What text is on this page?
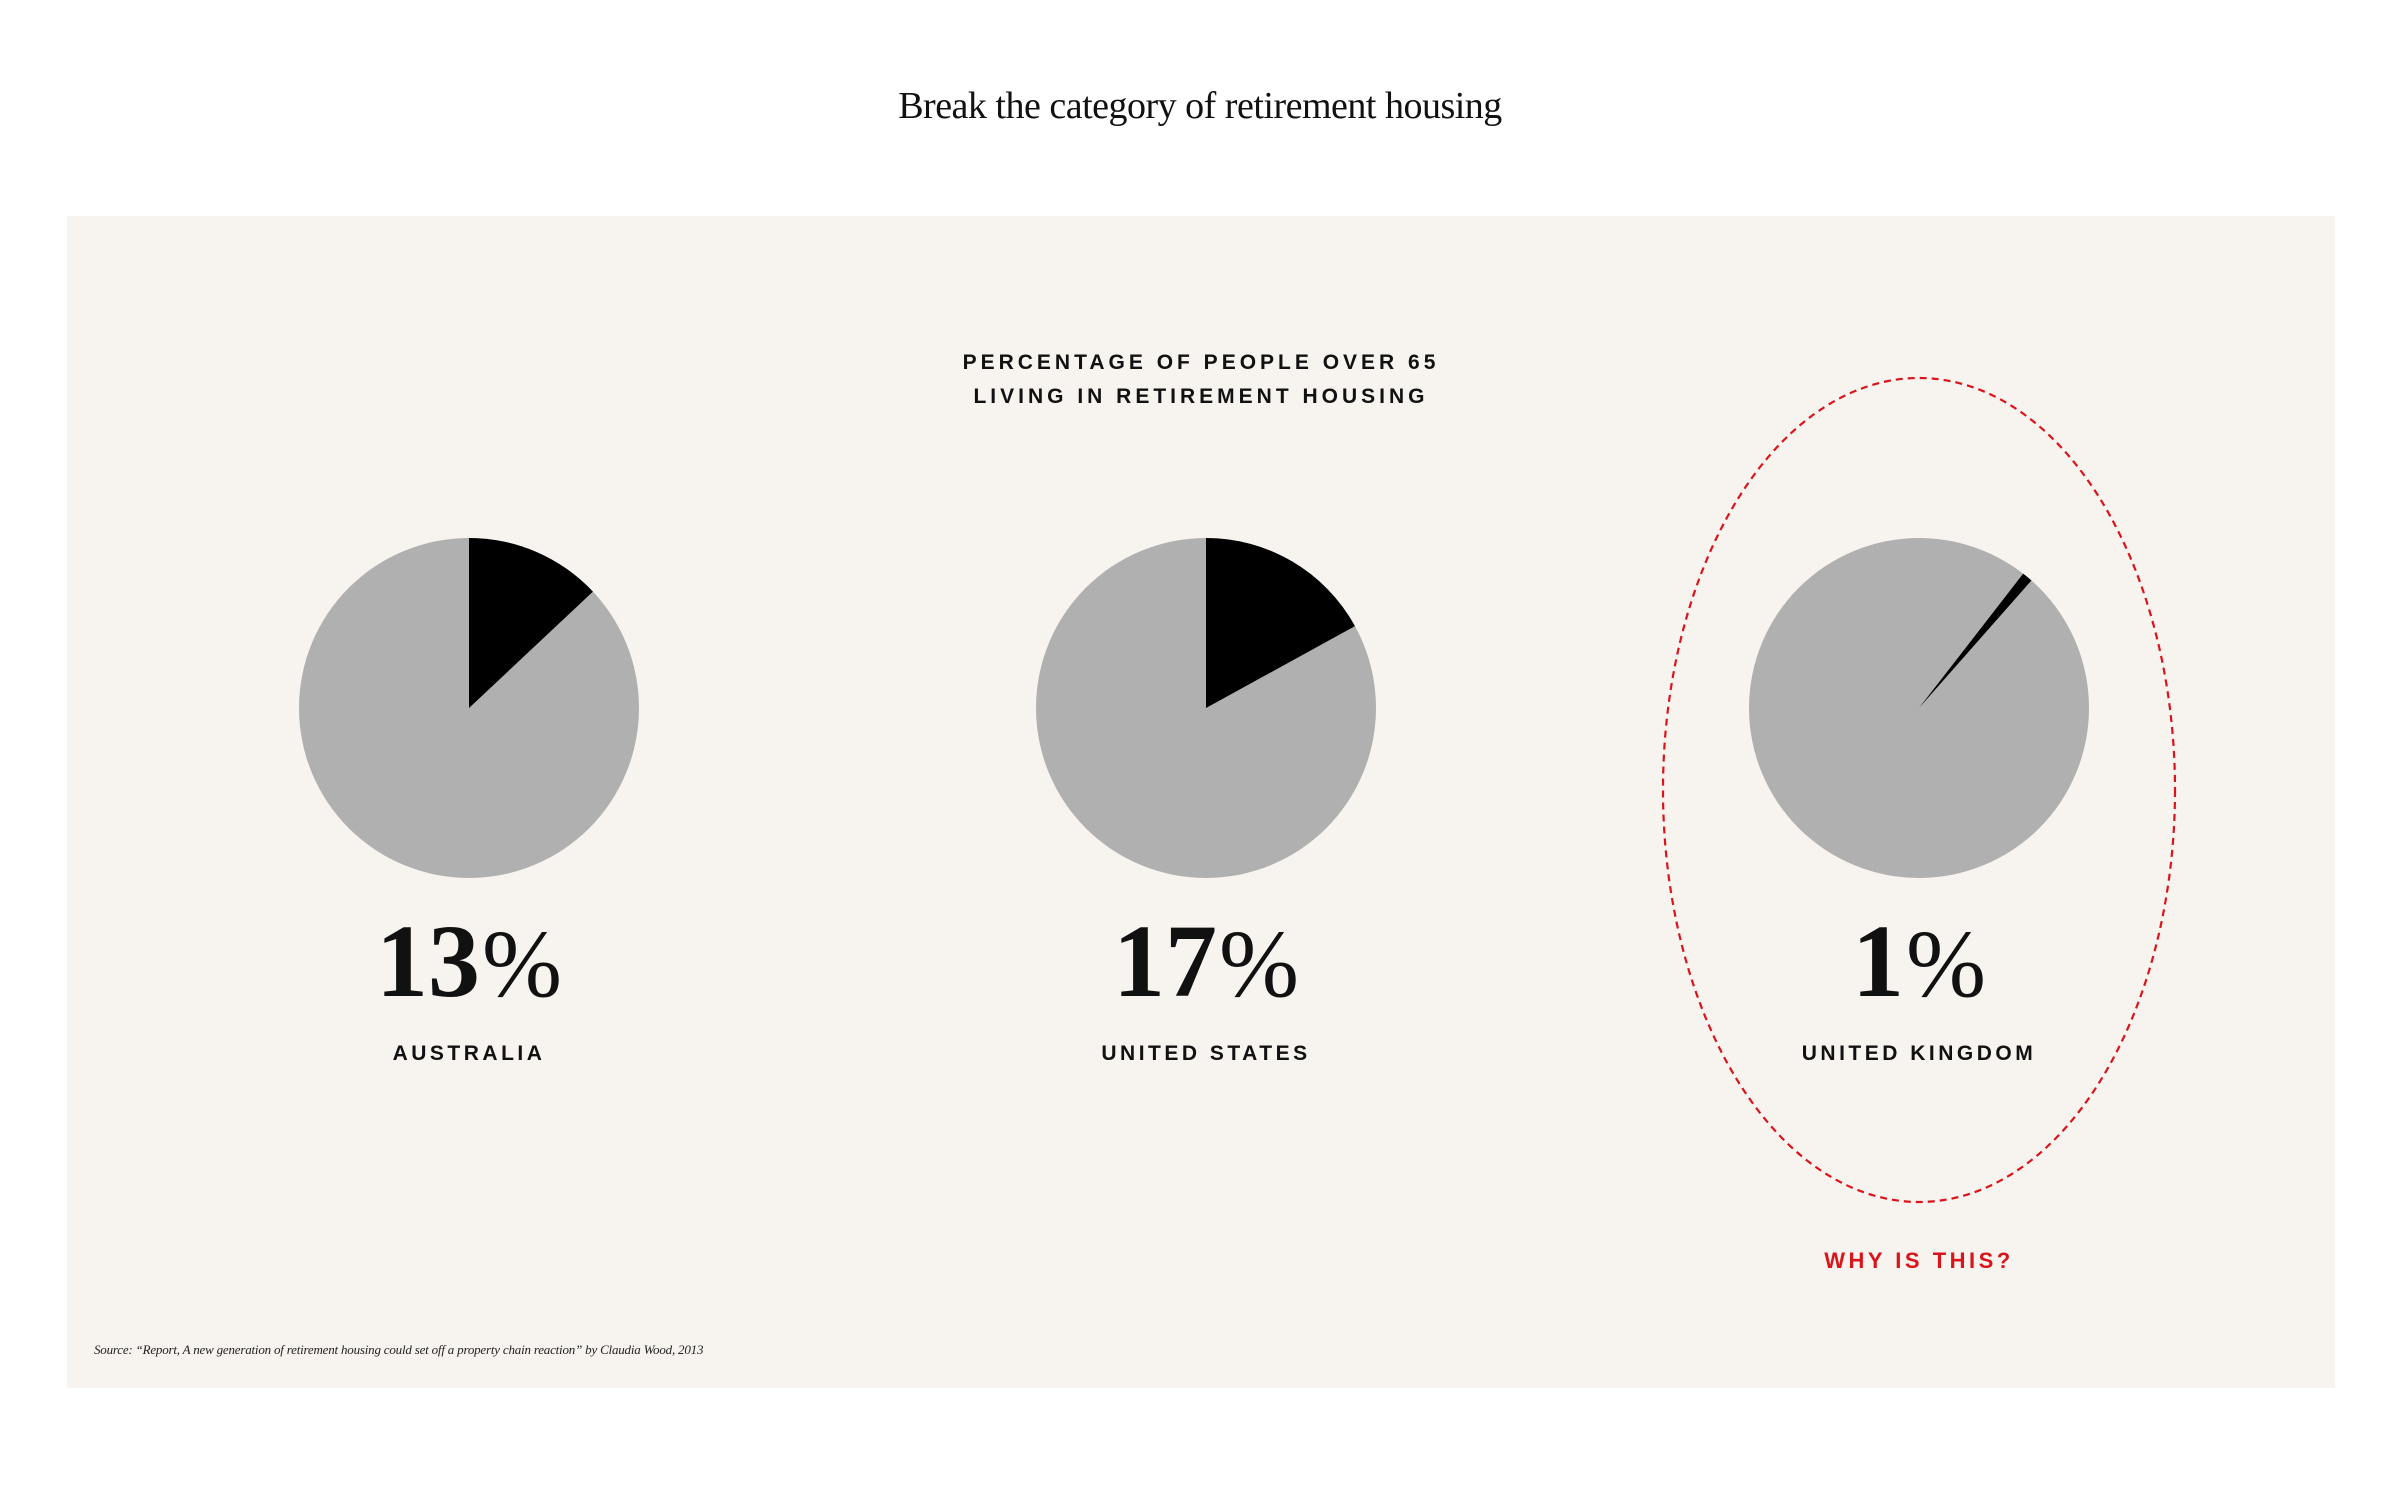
Break the category of retirement housing
PERCENTAGE OF PEOPLE OVER 65
LIVING IN RETIREMENT HOUSING
13%
AUSTRALIA
17%
UNITED STATES
1%
UNITED KINGDOM
WHY IS THIS?
Source: “Report, A new generation of retirement housing could set off a property chain reaction” by Claudia Wood, 2013
